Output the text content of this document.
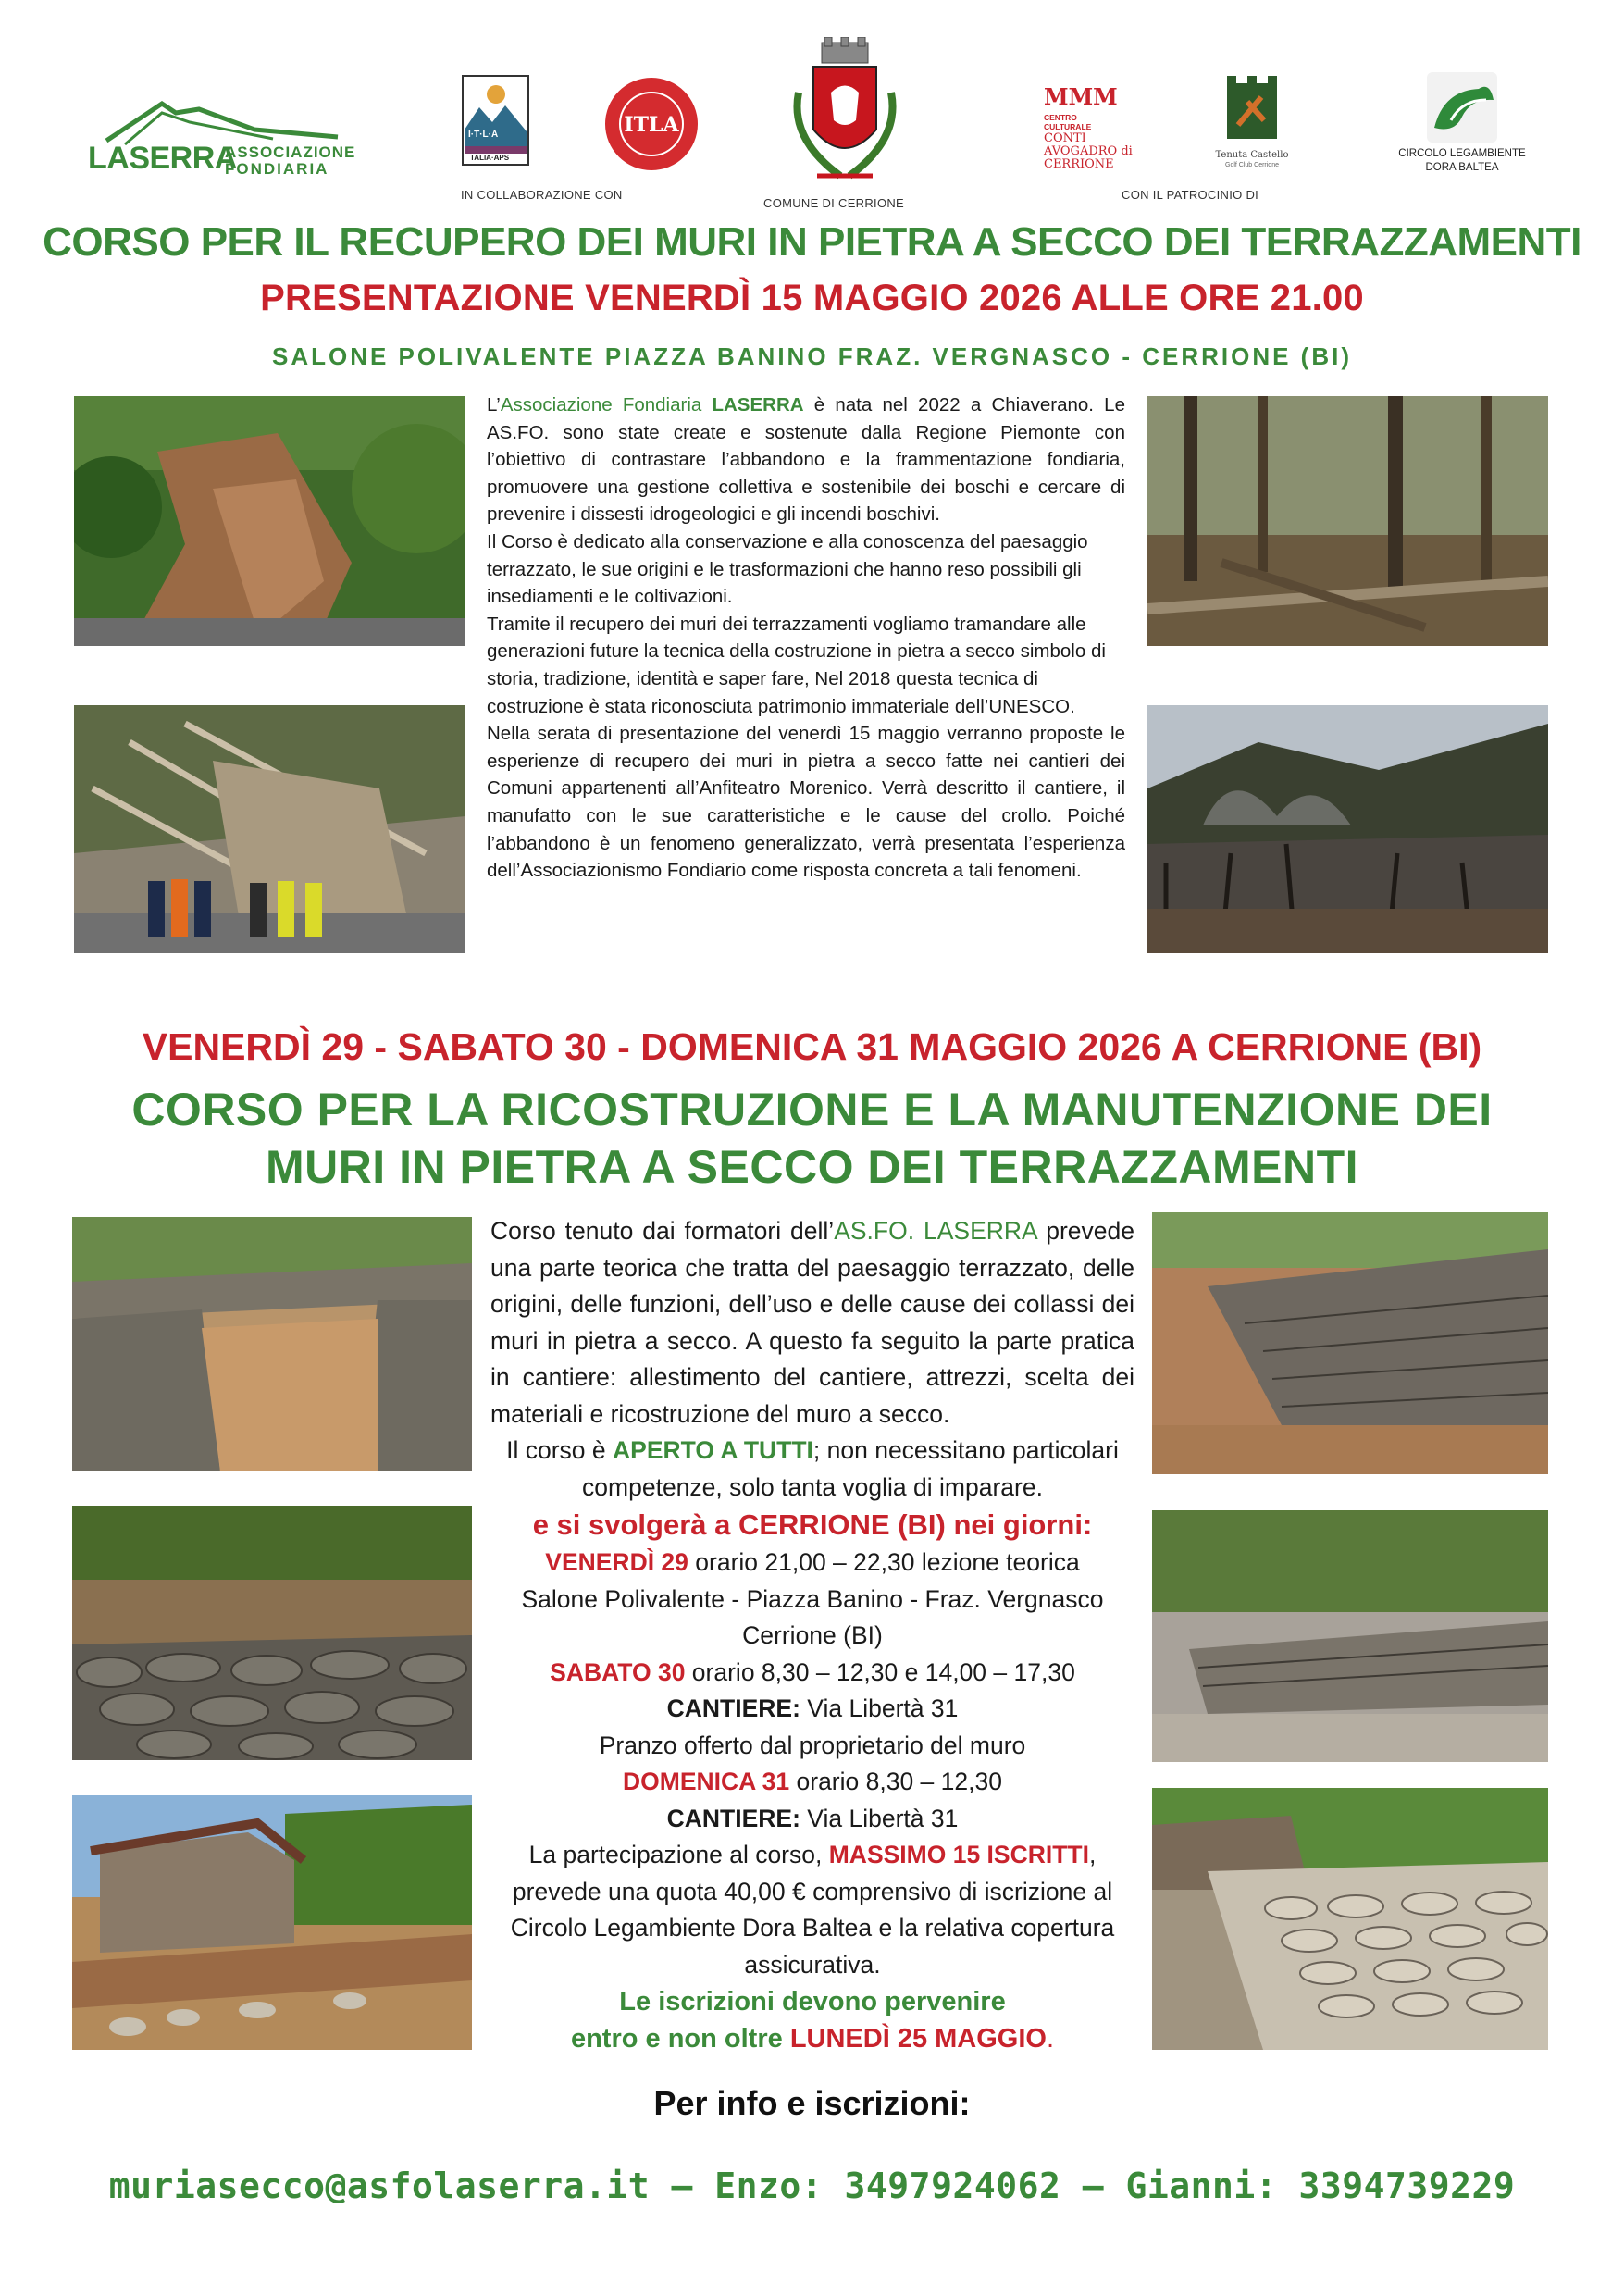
LASERRA
ASSOCIAZIONE
FONDIARIA
I·T·L·A
TALIA·APS
ITLA
MMM
CENTRO CULTURALE
CONTI AVOGADRO di CERRIONE
Tenuta Castello
Golf Club Cerrione
CIRCOLO LEGAMBIENTE
DORA BALTEA
IN COLLABORAZIONE CON
COMUNE DI CERRIONE
CON IL PATROCINIO DI
CORSO PER IL RECUPERO DEI MURI IN PIETRA A SECCO DEI TERRAZZAMENTI
PRESENTAZIONE VENERDÌ 15 MAGGIO 2026 ALLE ORE 21.00
SALONE POLIVALENTE PIAZZA BANINO FRAZ. VERGNASCO - CERRIONE (BI)

L’Associazione Fondiaria LASERRA è nata nel 2022 a Chiaverano. Le AS.FO. sono state create e sostenute dalla Regione Piemonte con l’obiettivo di contrastare l’abbandono e la frammentazione fondiaria, promuovere una gestione collettiva e sostenibile dei boschi e cercare di prevenire i dissesti idrogeologici e gli incendi boschivi.

Il Corso è dedicato alla conservazione e alla conoscenza del paesaggio terrazzato, le sue origini e le trasformazioni che hanno reso possibili gli insediamenti e le coltivazioni.

Tramite il recupero dei muri dei terrazzamenti vogliamo tramandare alle generazioni future la tecnica della costruzione in pietra a secco simbolo di storia, tradizione, identità e saper fare, Nel 2018 questa tecnica di costruzione è stata riconosciuta patrimonio immateriale dell’UNESCO.

Nella serata di presentazione del venerdì 15 maggio verranno proposte le esperienze di recupero dei muri in pietra a secco fatte nei cantieri dei Comuni appartenenti all’Anfiteatro Morenico. Verrà descritto il cantiere, il manufatto con le sue caratteristiche e le cause del crollo. Poiché l’abbandono è un fenomeno generalizzato, verrà presentata l’esperienza dell’Associazionismo Fondiario come risposta concreta a tali fenomeni.

VENERDÌ 29 - SABATO 30 - DOMENICA 31 MAGGIO 2026 A CERRIONE (BI)
CORSO PER LA RICOSTRUZIONE E LA MANUTENZIONE DEI
MURI IN PIETRA A SECCO DEI TERRAZZAMENTI

Corso tenuto dai formatori dell’AS.FO. LASERRA prevede una parte teorica che tratta del paesaggio terrazzato, delle origini, delle funzioni, dell’uso e delle cause dei collassi dei muri in pietra a secco. A questo fa seguito la parte pratica in cantiere: allestimento del cantiere, attrezzi, scelta dei materiali e ricostruzione del muro a secco.

Il corso è APERTO A TUTTI; non necessitano particolari competenze, solo tanta voglia di imparare.

e si svolgerà a CERRIONE (BI) nei giorni:

VENERDÌ 29 orario 21,00 – 22,30 lezione teorica

Salone Polivalente - Piazza Banino - Fraz. Vergnasco Cerrione (BI)

SABATO 30 orario 8,30 – 12,30 e 14,00 – 17,30

CANTIERE: Via Libertà 31

Pranzo offerto dal proprietario del muro

DOMENICA 31 orario 8,30 – 12,30

CANTIERE: Via Libertà 31

La partecipazione al corso, MASSIMO 15 ISCRITTI, prevede una quota 40,00 € comprensivo di iscrizione al Circolo Legambiente Dora Baltea e la relativa copertura assicurativa.

Le iscrizioni devono pervenire

entro e non oltre LUNEDÌ 25 MAGGIO.

Per info e iscrizioni:
muriasecco@asfolaserra.it – Enzo: 3497924062 – Gianni: 3394739229
